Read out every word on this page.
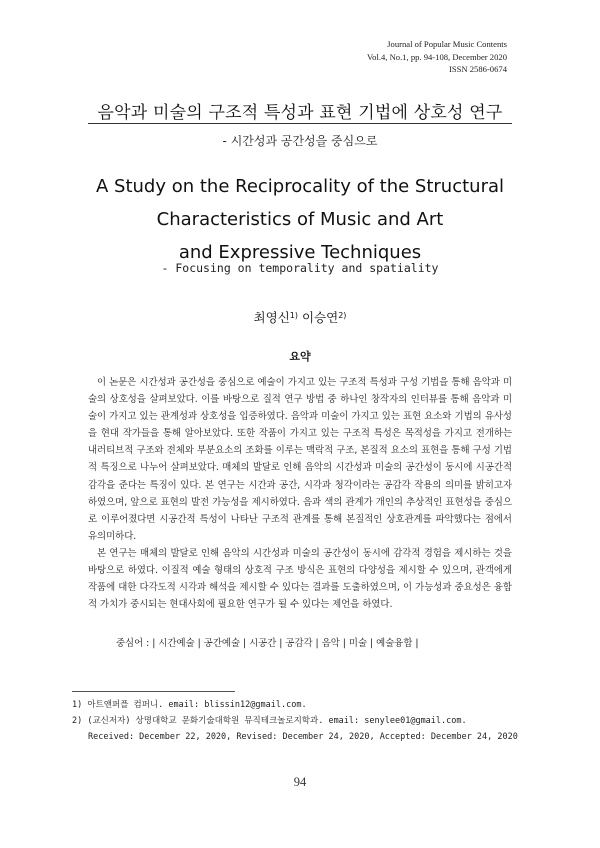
Journal of Popular Music Contents
Vol.4, No.1, pp. 94-108, December 2020
ISSN 2586-0674
음악과 미술의 구조적 특성과 표현 기법에 상호성 연구
- 시간성과 공간성을 중심으로
A Study on the Reciprocality of the Structural
Characteristics of Music and Art
and Expressive Techniques
- Focusing on temporality and spatiality
최영신$^{1)}$ 이승연$^{2)}$
요약

이 논문은 시간성과 공간성을 중심으로 예술이 가지고 있는 구조적 특성과 구성 기법을 통해 음악과 미술의 상호성을 살펴보았다. 이를 바탕으로 질적 연구 방법 중 하나인 창작자의 인터뷰를 통해 음악과 미술이 가지고 있는 관계성과 상호성을 입증하였다. 음악과 미술이 가지고 있는 표현 요소와 기법의 유사성을 현대 작가들을 통해 알아보았다. 또한 작품이 가지고 있는 구조적 특성은 목적성을 가지고 전개하는 내러티브적 구조와 전체와 부분요소의 조화를 이루는 맥락적 구조, 본질적 요소의 표현을 통해 구성 기법적 특징으로 나누어 살펴보았다. 매체의 발달로 인해 음악의 시간성과 미술의 공간성이 동시에 시공간적 감각을 준다는 특징이 있다. 본 연구는 시간과 공간, 시각과 청각이라는 공감각 작용의 의미를 밝히고자 하였으며, 앞으로 표현의 발전 가능성을 제시하였다. 음과 색의 관계가 개인의 추상적인 표현성을 중심으로 이루어졌다면 시공간적 특성이 나타난 구조적 관계를 통해 본질적인 상호관계를 파악했다는 점에서 유의미하다.

본 연구는 매체의 발달로 인해 음악의 시간성과 미술의 공간성이 동시에 감각적 경험을 제시하는 것을 바탕으로 하였다. 이질적 예술 형태의 상호적 구조 방식은 표현의 다양성을 제시할 수 있으며, 관객에게 작품에 대한 다각도적 시각과 해석을 제시할 수 있다는 결과를 도출하였으며, 이 가능성과 중요성은 융합적 가치가 중시되는 현대사회에 필요한 연구가 될 수 있다는 제언을 하였다.

중심어 : | 시간예술 | 공간예술 | 시공간 | 공감각 | 음악 | 미술 | 예술융합 |
1) 아트앤퍼플 컴퍼니. email: blissin12@gmail.com.
2) (교신저자) 상명대학교 문화기술대학원 뮤직테크놀로지학과. email: senylee01@gmail.com.
Received: December 22, 2020, Revised: December 24, 2020, Accepted: December 24, 2020
94
